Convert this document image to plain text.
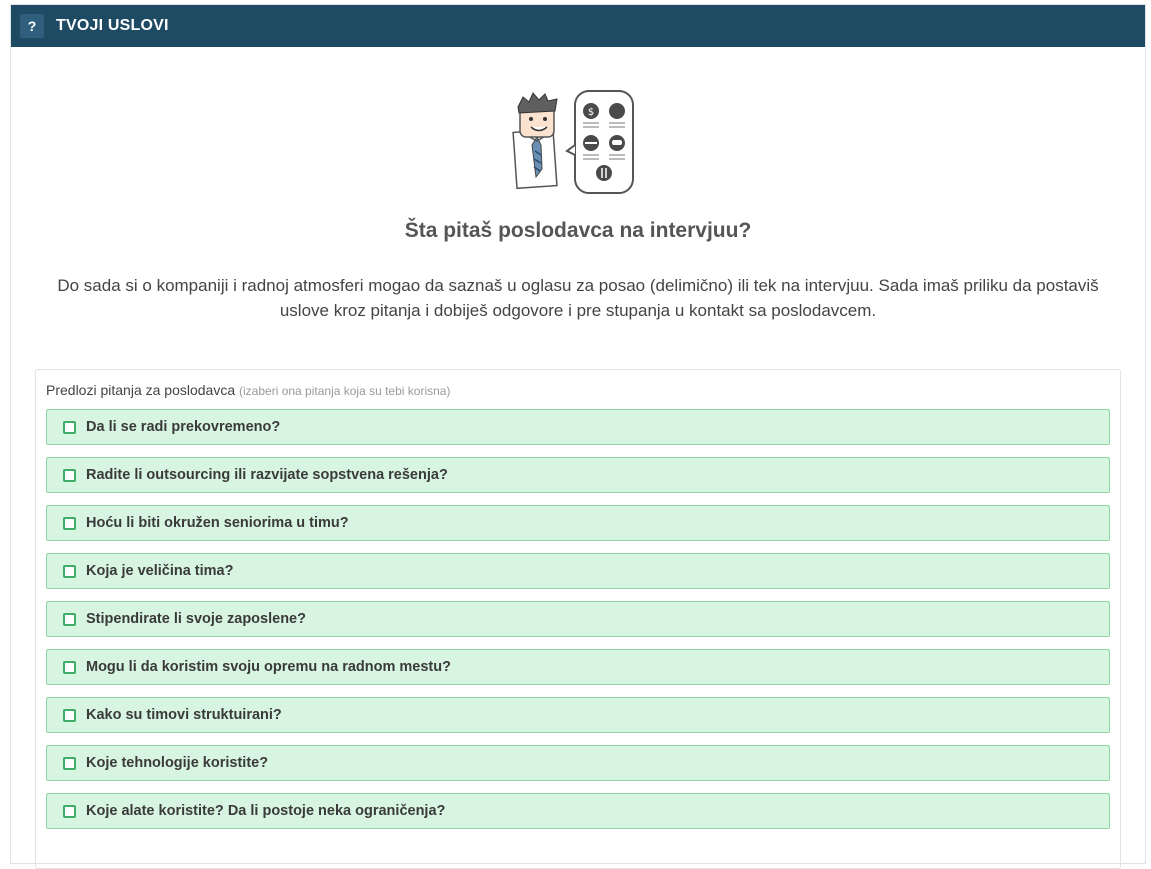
?	TVOJI USLOVI
$
Šta pitaš poslodavca na intervjuu?
Do sada si o kompaniji i radnoj atmosferi mogao da saznaš u oglasu za posao (delimično) ili tek na intervjuu. Sada imaš priliku da postaviš uslove kroz pitanja i dobiješ odgovore i pre stupanja u kontakt sa poslodavcem.
Predlozi pitanja za poslodavca (izaberi ona pitanja koja su tebi korisna)
Da li se radi prekovremeno?
Radite li outsourcing ili razvijate sopstvena rešenja?
Hoću li biti okružen seniorima u timu?
Koja je veličina tima?
Stipendirate li svoje zaposlene?
Mogu li da koristim svoju opremu na radnom mestu?
Kako su timovi struktuirani?
Koje tehnologije koristite?
Koje alate koristite? Da li postoje neka ograničenja?
